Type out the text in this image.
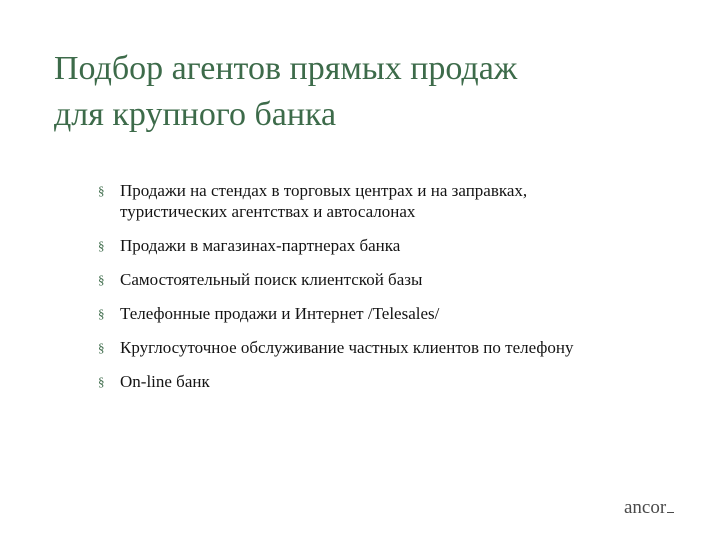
Подбор агентов прямых продаж
для крупного банка
§ Продажи на стендах в торговых центрах и на заправках,
туристических агентствах и автосалонах
§ Продажи в магазинах-партнерах банка
§ Самостоятельный поиск клиентской базы
§ Телефонные продажи и Интернет /Telesales/
§ Круглосуточное обслуживание частных клиентов по телефону
§ On-line банк
ancor
